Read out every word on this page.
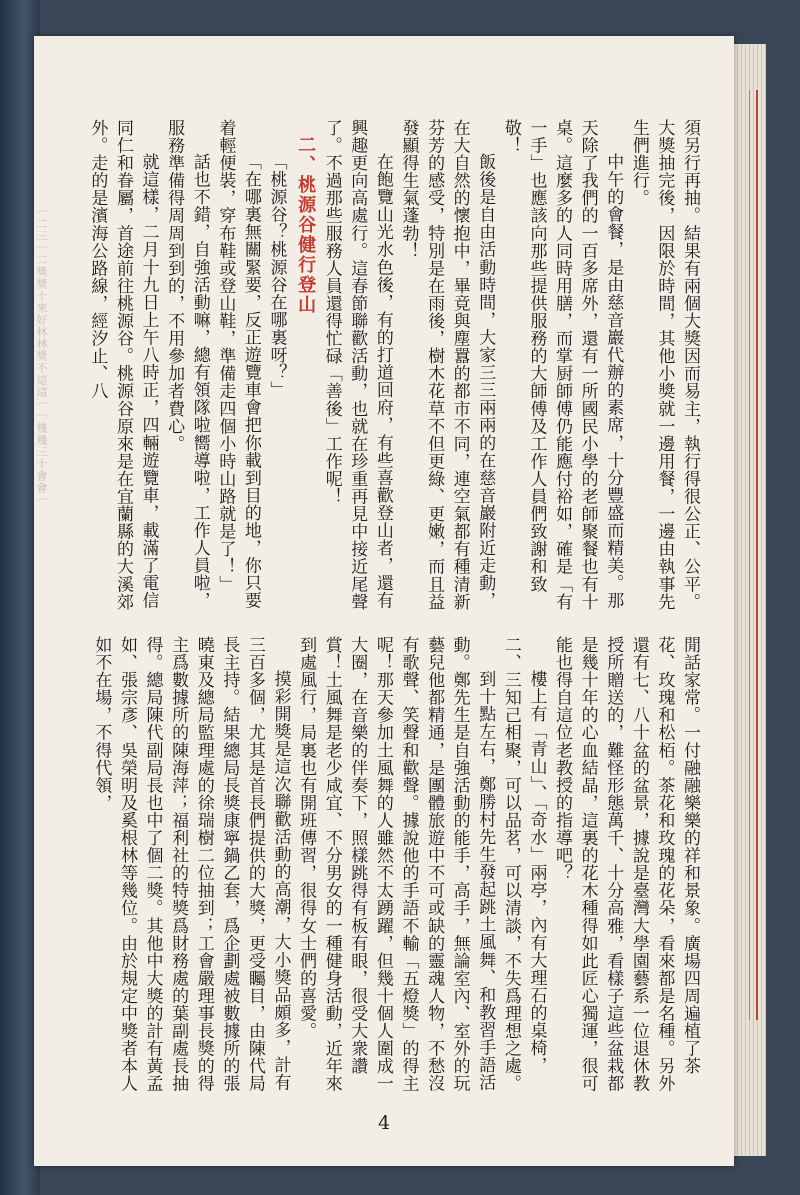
一二三一二獎獎十來好林林獎不這這一一幾幾三十會會一	須另行再抽。結果有兩個大獎因而易主，執行得很公正、公平。大獎抽完後，因限於時間，其他小獎就一邊用餐，一邊由執事先生們進行。

中午的會餐，是由慈音巖代辦的素席，十分豐盛而精美。那天除了我們的一百多席外，還有一所國民小學的老師聚餐也有十桌。這麼多的人同時用膳，而掌厨師傅仍能應付裕如，確是「有一手」也應該向那些提供服務的大師傅及工作人員們致謝和致敬！

飯後是自由活動時間，大家三三兩兩的在慈音巖附近走動，在大自然的懷抱中，畢竟與塵囂的都市不同，連空氣都有種清新芬芳的感受，特別是在雨後，樹木花草不但更綠、更嫩，而且益發顯得生氣蓬勃！

在飽覽山光水色後，有的打道回府，有些喜歡登山者，還有興趣更向高處行。這春節聯歡活動，也就在珍重再見中接近尾聲了。不過那些服務人員還得忙碌「善後」工作呢！

二、桃源谷健行登山

「桃源谷？桃源谷在哪裏呀？」

「在哪裏無關緊要，反正遊覽車會把你載到目的地，你只要着輕便裝，穿布鞋或登山鞋，準備走四個小時山路就是了！」

話也不錯，自強活動嘛，總有領隊啦嚮導啦，工作人員啦，服務準備得周周到到的，不用參加者費心。

就這樣，二月十九日上午八時正，四輛遊覽車，載滿了電信同仁和眷屬，首途前往桃源谷。桃源谷原來是在宜蘭縣的大溪郊外。走的是濱海公路線，經汐止、八

閒話家常。一付融融樂樂的祥和景象。廣場四周遍植了茶花、玫瑰和松栢。茶花和玫瑰的花朵，看來都是名種。另外還有七、八十盆的盆景，據說是臺灣大學園藝系一位退休教授所贈送的，難怪形態萬千、十分高雅，看樣子這些盆栽都是幾十年的心血結晶，這裏的花木種得如此匠心獨運，很可能也得自這位老教授的指導吧？

樓上有「青山」、「奇水」兩亭，內有大理石的桌椅，二、三知己相聚，可以品茗，可以清談，不失爲理想之處。

到十點左右，鄭勝村先生發起跳土風舞、和教習手語活動。鄭先生是自強活動的能手，高手，無論室內、室外的玩藝兒他都精通，是團體旅遊中不可或缺的靈魂人物，不愁沒有歌聲、笑聲和歡聲。據說他的手語不輸「五燈獎」的得主呢！那天參加土風舞的人雖然不太踴躍，但幾十個人圍成一大圈，在音樂的伴奏下，照樣跳得有板有眼，很受大衆讚賞！土風舞是老少咸宜、不分男女的一種健身活動，近年來到處風行，局裏也有開班傳習，很得女士們的喜愛。

摸彩開獎是這次聯歡活動的高潮，大小獎品頗多，計有三百多個，尤其是首長們提供的大獎，更受矚目，由陳代局長主持。結果總局長獎康寧鍋乙套，爲企劃處被數據所的張曉東及總局監理處的徐瑞樹二位抽到；工會嚴理事長獎的得主爲數據所的陳海萍；福利社的特獎爲財務處的葉副處長抽得。總局陳代副局長也中了個二獎。其他中大獎的計有黃孟如、張宗彥、吳榮明及奚根林等幾位。由於規定中獎者本人如不在場，不得代領，

4
